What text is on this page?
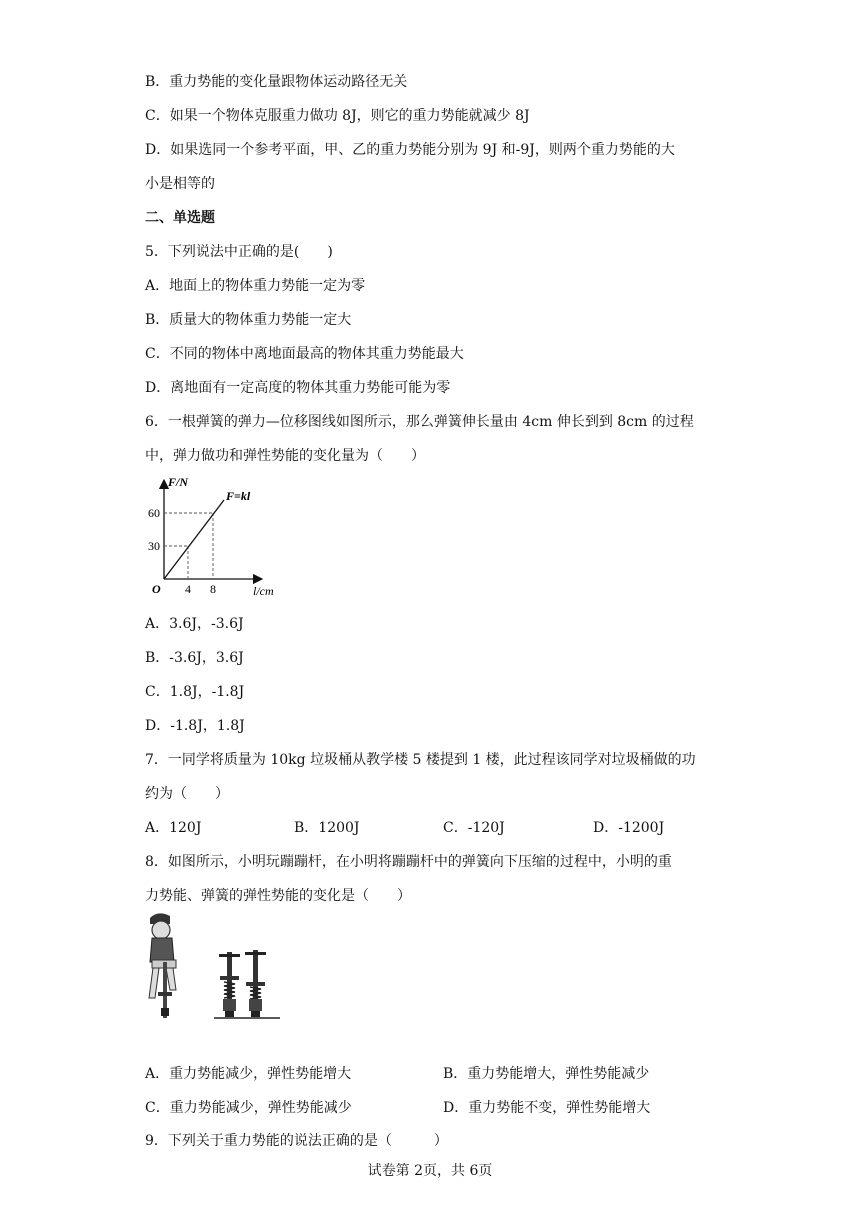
B．重力势能的变化量跟物体运动路径无关
C．如果一个物体克服重力做功 8J，则它的重力势能就减少 8J
D．如果选同一个参考平面，甲、乙的重力势能分别为 9J 和-9J，则两个重力势能的大
小是相等的
二、单选题
5．下列说法中正确的是(　　)
A．地面上的物体重力势能一定为零
B．质量大的物体重力势能一定大
C．不同的物体中离地面最高的物体其重力势能最大
D．离地面有一定高度的物体其重力势能可能为零
6．一根弹簧的弹力—位移图线如图所示，那么弹簧伸长量由 4cm 伸长到到 8cm 的过程
中，弹力做功和弹性势能的变化量为（　　）
F/N
F=kl
60
30
O 4 8	l/cm
A．3.6J，-3.6J
B．-3.6J，3.6J
C．1.8J，-1.8J
D．-1.8J，1.8J
7．一同学将质量为 10kg 垃圾桶从教学楼 5 楼提到 1 楼，此过程该同学对垃圾桶做的功
约为（　　）
A．120J	B．1200J	C．-120J	D．-1200J
8．如图所示，小明玩蹦蹦杆，在小明将蹦蹦杆中的弹簧向下压缩的过程中，小明的重
力势能、弹簧的弹性势能的变化是（　　）
A．重力势能减少，弹性势能增大	B．重力势能增大，弹性势能减少
C．重力势能减少，弹性势能减少	D．重力势能不变，弹性势能增大
9．下列关于重力势能的说法正确的是（　　　）
试卷第 2页，共 6页
